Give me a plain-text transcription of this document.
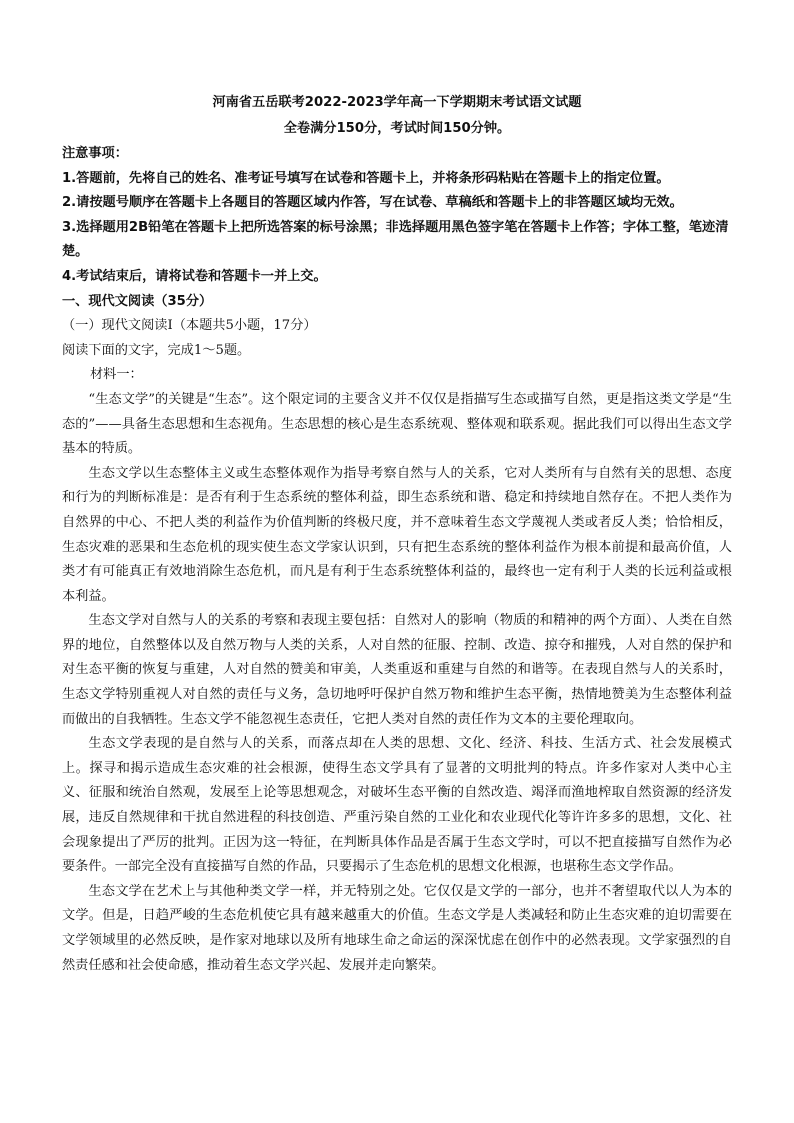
河南省五岳联考2022-2023学年高一下学期期末考试语文试题

全卷满分150分，考试时间150分钟。

注意事项：

1.答题前，先将自己的姓名、准考证号填写在试卷和答题卡上，并将条形码粘贴在答题卡上的指定位置。

2.请按题号顺序在答题卡上各题目的答题区域内作答，写在试卷、草稿纸和答题卡上的非答题区域均无效。

3.选择题用2B铅笔在答题卡上把所选答案的标号涂黑；非选择题用黑色签字笔在答题卡上作答；字体工整，笔迹清楚。

4.考试结束后，请将试卷和答题卡一并上交。

一、现代文阅读（35分）

（一）现代文阅读Ⅰ（本题共5小题，17分）

阅读下面的文字，完成1～5题。

材料一：

“生态文学”的关键是“生态”。这个限定词的主要含义并不仅仅是指描写生态或描写自然，更是指这类文学是“生态的”——具备生态思想和生态视角。生态思想的核心是生态系统观、整体观和联系观。据此我们可以得出生态文学基本的特质。

生态文学以生态整体主义或生态整体观作为指导考察自然与人的关系，它对人类所有与自然有关的思想、态度和行为的判断标准是：是否有利于生态系统的整体利益，即生态系统和谐、稳定和持续地自然存在。不把人类作为自然界的中心、不把人类的利益作为价值判断的终极尺度，并不意味着生态文学蔑视人类或者反人类；恰恰相反，生态灾难的恶果和生态危机的现实使生态文学家认识到，只有把生态系统的整体利益作为根本前提和最高价值，人类才有可能真正有效地消除生态危机，而凡是有利于生态系统整体利益的，最终也一定有利于人类的长远利益或根本利益。

生态文学对自然与人的关系的考察和表现主要包括：自然对人的影响（物质的和精神的两个方面）、人类在自然界的地位，自然整体以及自然万物与人类的关系，人对自然的征服、控制、改造、掠夺和摧残，人对自然的保护和对生态平衡的恢复与重建，人对自然的赞美和审美，人类重返和重建与自然的和谐等。在表现自然与人的关系时，生态文学特别重视人对自然的责任与义务，急切地呼吁保护自然万物和维护生态平衡，热情地赞美为生态整体利益而做出的自我牺牲。生态文学不能忽视生态责任，它把人类对自然的责任作为文本的主要伦理取向。

生态文学表现的是自然与人的关系，而落点却在人类的思想、文化、经济、科技、生活方式、社会发展模式上。探寻和揭示造成生态灾难的社会根源，使得生态文学具有了显著的文明批判的特点。许多作家对人类中心主义、征服和统治自然观，发展至上论等思想观念，对破坏生态平衡的自然改造、竭泽而渔地榨取自然资源的经济发展，违反自然规律和干扰自然进程的科技创造、严重污染自然的工业化和农业现代化等许许多多的思想，文化、社会现象提出了严厉的批判。正因为这一特征，在判断具体作品是否属于生态文学时，可以不把直接描写自然作为必要条件。一部完全没有直接描写自然的作品，只要揭示了生态危机的思想文化根源，也堪称生态文学作品。

生态文学在艺术上与其他种类文学一样，并无特别之处。它仅仅是文学的一部分，也并不奢望取代以人为本的文学。但是，日趋严峻的生态危机使它具有越来越重大的价值。生态文学是人类减轻和防止生态灾难的迫切需要在文学领域里的必然反映，是作家对地球以及所有地球生命之命运的深深忧虑在创作中的必然表现。文学家强烈的自然责任感和社会使命感，推动着生态文学兴起、发展并走向繁荣。
